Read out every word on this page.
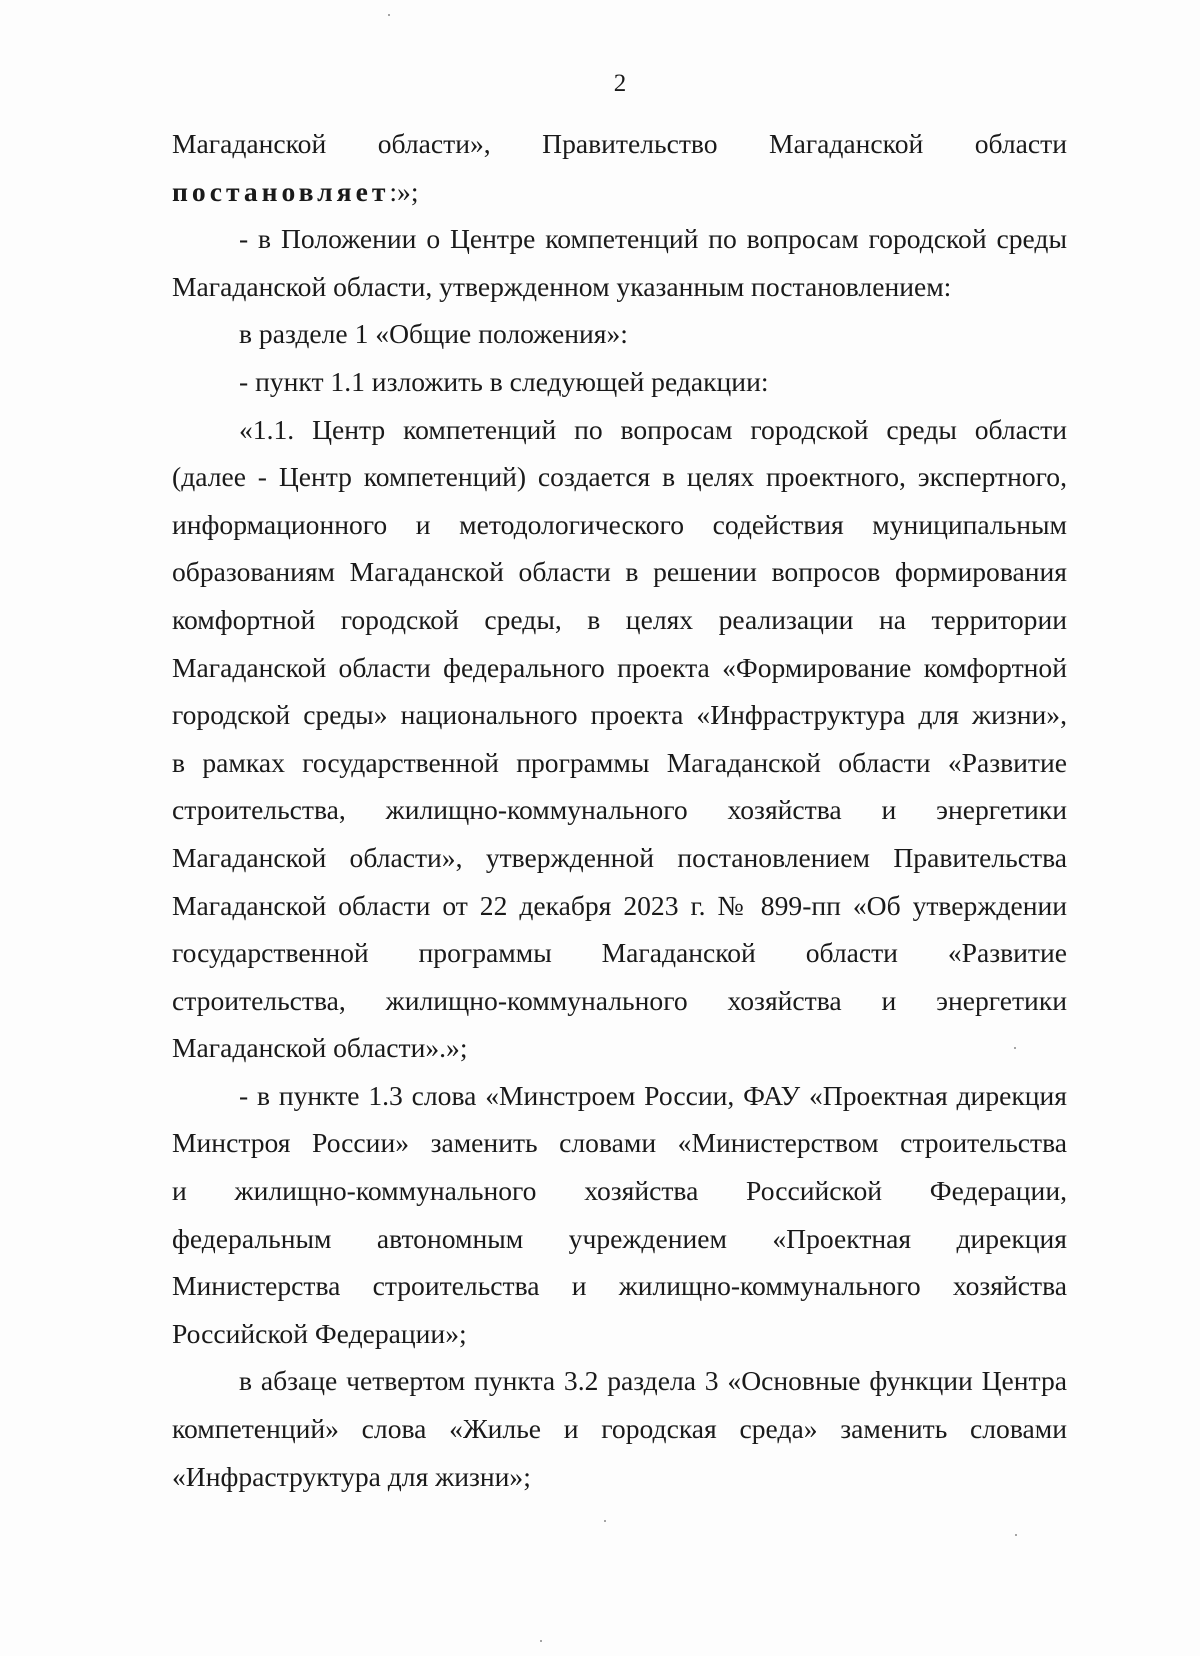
2

Магаданской области», Правительство Магаданской области

постановляет:»;

- в Положении о Центре компетенций по вопросам городской среды

Магаданской области, утвержденном указанным постановлением:

в разделе 1 «Общие положения»:

- пункт 1.1 изложить в следующей редакции:

«1.1. Центр компетенций по вопросам городской среды области

(далее - Центр компетенций) создается в целях проектного, экспертного,

информационного и методологического содействия муниципальным

образованиям Магаданской области в решении вопросов формирования

комфортной городской среды, в целях реализации на территории

Магаданской области федерального проекта «Формирование комфортной

городской среды» национального проекта «Инфраструктура для жизни»,

в рамках государственной программы Магаданской области «Развитие

строительства, жилищно-коммунального хозяйства и энергетики

Магаданской области», утвержденной постановлением Правительства

Магаданской области от 22 декабря 2023 г. № 899-пп «Об утверждении

государственной программы Магаданской области «Развитие

строительства, жилищно-коммунального хозяйства и энергетики

Магаданской области».»;

- в пункте 1.3 слова «Минстроем России, ФАУ «Проектная дирекция

Минстроя России» заменить словами «Министерством строительства

и жилищно-коммунального хозяйства Российской Федерации,

федеральным автономным учреждением «Проектная дирекция

Министерства строительства и жилищно-коммунального хозяйства

Российской Федерации»;

в абзаце четвертом пункта 3.2 раздела 3 «Основные функции Центра

компетенций» слова «Жилье и городская среда» заменить словами

«Инфраструктура для жизни»;
